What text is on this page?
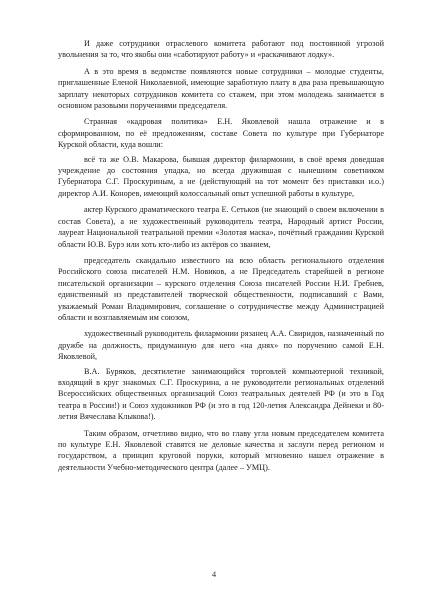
И даже сотрудники отраслевого комитета работают под постоянной угрозой увольнения за то, что якобы они «саботируют работу» и «раскачивают лодку».

А в это время в ведомстве появляются новые сотрудники – молодые студенты, приглашенные Еленой Николаевной, имеющие заработную плату в два раза превышающую зарплату некоторых сотрудников комитета со стажем, при этом молодежь занимается в основном разовыми поручениями председателя.

Странная «кадровая политика» Е.Н. Яковлевой нашла отражение и в сформированном, по её предложениям, составе Совета по культуре при Губернаторе Курской области, куда вошли:

всё та же О.В. Макарова, бывшая директор филармонии, в своё время доведшая учреждение до состояния упадка, но всегда дружившая с нынешним советником Губернатора С.Г. Проскуриным, а не (действующий на тот момент без приставки и.о.) директор А.И. Конорев, имеющий колоссальный опыт успешной работы в культуре,

актер Курского драматического театра Е. Сетьков (не знающий о своем включении в состав Совета), а не художественный руководитель театра, Народный артист России, лауреат Национальной театральной премии «Золотая маска», почётный гражданин Курской области Ю.В. Бурэ или хоть кто-либо из актёров со званием,

председатель скандально известного на всю область регионального отделения Российского союза писателей Н.М. Новиков, а не Председатель старейшей в регионе писательской организации – курского отделения Союза писателей России Н.И. Гребнев, единственный из представителей творческой общественности, подписавший с Вами, уважаемый Роман Владимирович, соглашение о сотрудничестве между Администрацией области и возглавляемым им союзом,

художественный руководитель филармонии рязанец А.А. Свиридов, назначенный по дружбе на должность, придуманную для него «на днях» по поручению самой Е.Н. Яковлевой,

В.А. Буряков, десятилетие занимающийся торговлей компьютерной техникой, входящий в круг знакомых С.Г. Проскурина, а не руководители региональных отделений Всероссийских общественных организаций Союз театральных деятелей РФ (и это в Год театра в России!) и Союз художников РФ (и это в год 120-летия Александра Дейнеки и 80-летия Вячеслава Клыкова!).

Таким образом, отчетливо видно, что во главу угла новым председателем комитета по культуре Е.Н. Яковлевой ставятся не деловые качества и заслуги перед регионом и государством, а принцип круговой поруки, который мгновенно нашел отражение в деятельности Учебно-методического центра (далее – УМЦ).

4
